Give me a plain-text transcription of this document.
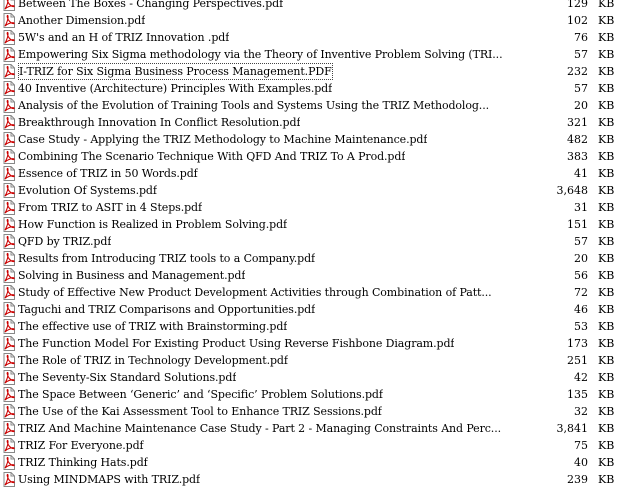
Between The Boxes - Changing Perspectives.pdf	129 KB
Another Dimension.pdf	102 KB
5W's and an H of TRIZ Innovation .pdf	76 KB
Empowering Six Sigma methodology via the Theory of Inventive Problem Solving (TRI...	57 KB
I-TRIZ for Six Sigma Business Process Management.PDF	232 KB
40 Inventive (Architecture) Principles With Examples.pdf	57 KB
Analysis of the Evolution of Training Tools and Systems Using the TRIZ Methodolog...	20 KB
Breakthrough Innovation In Conflict Resolution.pdf	321 KB
Case Study - Applying the TRIZ Methodology to Machine Maintenance.pdf	482 KB
Combining The Scenario Technique With QFD And TRIZ To A Prod.pdf	383 KB
Essence of TRIZ in 50 Words.pdf	41 KB
Evolution Of Systems.pdf	3,648 KB
From TRIZ to ASIT in 4 Steps.pdf	31 KB
How Function is Realized in Problem Solving.pdf	151 KB
QFD by TRIZ.pdf	57 KB
Results from Introducing TRIZ tools to a Company.pdf	20 KB
Solving in Business and Management.pdf	56 KB
Study of Effective New Product Development Activities through Combination of Patt...	72 KB
Taguchi and TRIZ Comparisons and Opportunities.pdf	46 KB
The effective use of TRIZ with Brainstorming.pdf	53 KB
The Function Model For Existing Product Using Reverse Fishbone Diagram.pdf	173 KB
The Role of TRIZ in Technology Development.pdf	251 KB
The Seventy-Six Standard Solutions.pdf	42 KB
The Space Between ‘Generic’ and ‘Specific’ Problem Solutions.pdf	135 KB
The Use of the Kai Assessment Tool to Enhance TRIZ Sessions.pdf	32 KB
TRIZ And Machine Maintenance Case Study - Part 2 - Managing Constraints And Perc...	3,841 KB
TRIZ For Everyone.pdf	75 KB
TRIZ Thinking Hats.pdf	40 KB
Using MINDMAPS with TRIZ.pdf	239 KB
